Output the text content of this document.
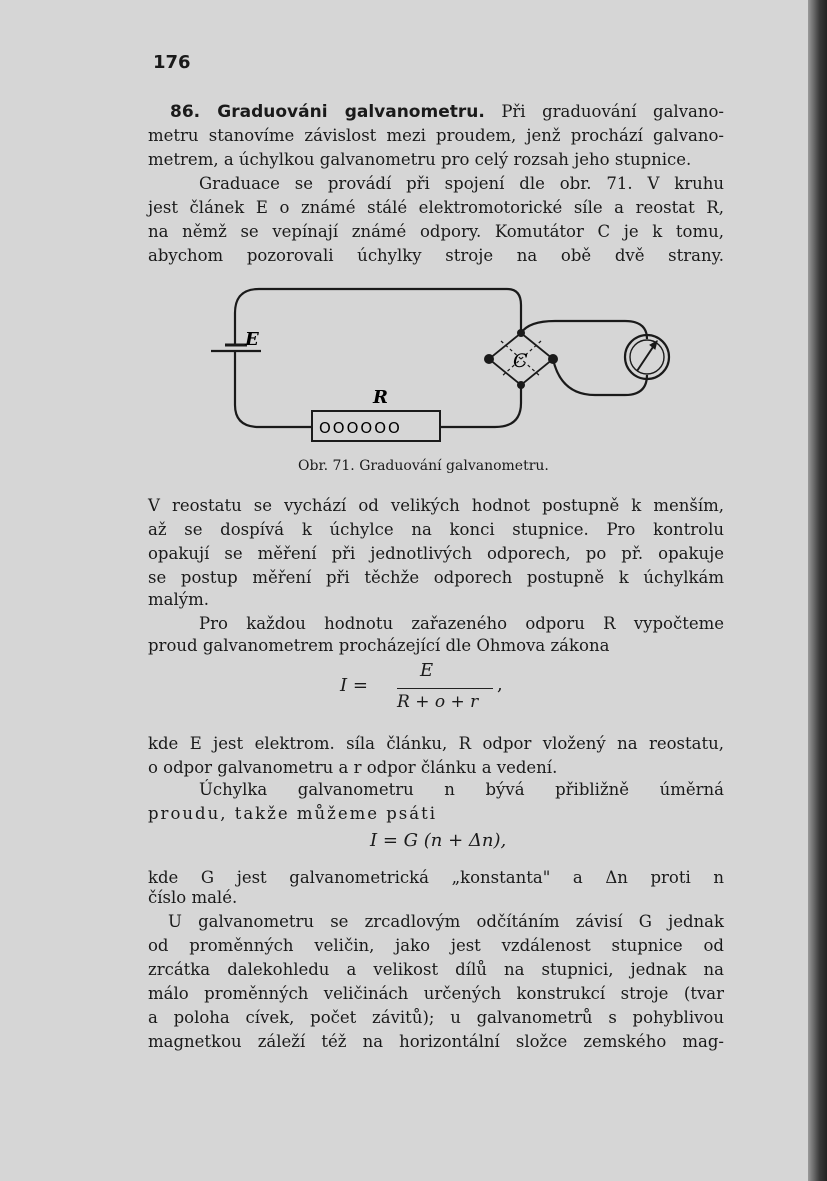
176
86. Graduováni galvanometru. Při graduování galvano-
metru stanovíme závislost mezi proudem, jenž prochází galvano-
metrem, a úchylkou galvanometru pro celý rozsah jeho stupnice.
Graduace se provádí při spojení dle obr. 71. V kruhu
jest článek E o známé stálé elektromotorické síle a reostat R,
na němž se vepínají známé odpory. Komutátor C je k tomu,
abychom pozorovali úchylky stroje na obě dvě strany.
E
R
C
OOOOOO
Obr. 71. Graduování galvanometru.
V reostatu se vychází od velikých hodnot postupně k menším,
až se dospívá k úchylce na konci stupnice. Pro kontrolu
opakují se měření při jednotlivých odporech, po př. opakuje
se postup měření při těchže odporech postupně k úchylkám
malým.
Pro každou hodnotu zařazeného odporu R vypočteme
proud galvanometrem procházející dle Ohmova zákona
I =
E
R + o + r
,
kde E jest elektrom. síla článku, R odpor vložený na reostatu,
o odpor galvanometru a r odpor článku a vedení.
Úchylka galvanometru n bývá přibližně úměrná
proudu, takže můžeme psáti
I = G (n + Δn),
kde G jest galvanometrická „konstanta" a Δn proti n
číslo malé.
U galvanometru se zrcadlovým odčítáním závisí G jednak
od proměnných veličin, jako jest vzdálenost stupnice od
zrcátka dalekohledu a velikost dílů na stupnici, jednak na
málo proměnných veličinách určených konstrukcí stroje (tvar
a poloha cívek, počet závitů); u galvanometrů s pohyblivou
magnetkou záleží též na horizontální složce zemského mag-
